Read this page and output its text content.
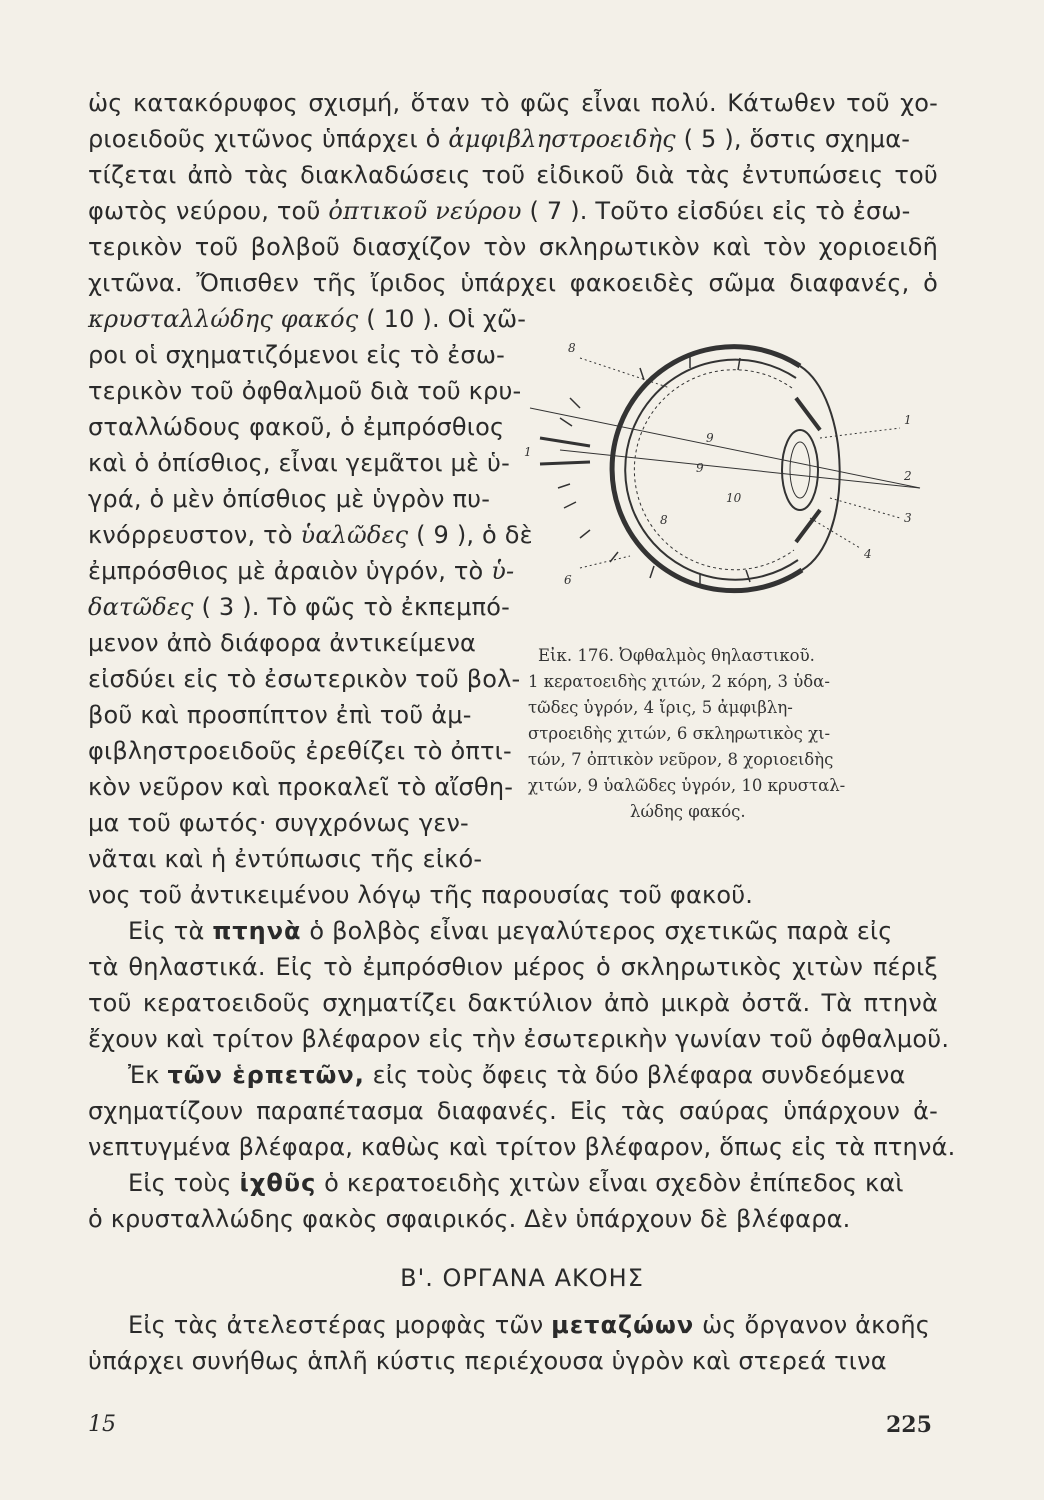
ὡς κατακόρυφος σχισμή, ὅταν τὸ φῶς εἶναι πολύ. Κάτωθεν τοῦ χο-
ριοειδοῦς χιτῶνος ὑπάρχει ὁ ἀμφιβληστροειδὴς ( 5 ), ὅστις σχημα-
τίζεται ἀπὸ τὰς διακλαδώσεις τοῦ εἰδικοῦ διὰ τὰς ἐντυπώσεις τοῦ
φωτὸς νεύρου, τοῦ ὀπτικοῦ νεύρου ( 7 ). Τοῦτο εἰσδύει εἰς τὸ ἐσω-
τερικὸν τοῦ βολβοῦ διασχίζον τὸν σκληρωτικὸν καὶ τὸν χοριοειδῆ
χιτῶνα. Ὄπισθεν τῆς ἴριδος ὑπάρχει φακοειδὲς σῶμα διαφανές, ὁ
κρυσταλλώδης φακός ( 10 ). Οἱ χῶ-
ροι οἱ σχηματιζόμενοι εἰς τὸ ἐσω-
τερικὸν τοῦ ὀφθαλμοῦ διὰ τοῦ κρυ-
σταλλώδους φακοῦ, ὁ ἐμπρόσθιος
καὶ ὁ ὀπίσθιος, εἶναι γεμᾶτοι μὲ ὑ-
γρά, ὁ μὲν ὀπίσθιος μὲ ὑγρὸν πυ-
κνόρρευστον, τὸ ὑαλῶδες ( 9 ), ὁ δὲ
ἐμπρόσθιος μὲ ἀραιὸν ὑγρόν, τὸ ὑ-
δατῶδες ( 3 ). Τὸ φῶς τὸ ἐκπεμπό-
μενον ἀπὸ διάφορα ἀντικείμενα
εἰσδύει εἰς τὸ ἐσωτερικὸν τοῦ βολ-
βοῦ καὶ προσπίπτον ἐπὶ τοῦ ἀμ-
φιβληστροειδοῦς ἐρεθίζει τὸ ὀπτι-
κὸν νεῦρον καὶ προκαλεῖ τὸ αἴσθη-
μα τοῦ φωτός· συγχρόνως γεν-
νᾶται καὶ ἡ ἐντύπωσις τῆς εἰκό-
8
1
9
9
10
8
6
1
2
3
4
Εἰκ. 176. Ὀφθαλμὸς θηλαστικοῦ.
1 κερατοειδὴς χιτών, 2 κόρη, 3 ὑδα-
τῶδες ὑγρόν, 4 ἴρις, 5 ἀμφιβλη-
στροειδὴς χιτών, 6 σκληρωτικὸς χι-
τών, 7 ὀπτικὸν νεῦρον, 8 χοριοειδὴς
χιτών, 9 ὑαλῶδες ὑγρόν, 10 κρυσταλ-
λώδης φακός.
νος τοῦ ἀντικειμένου λόγῳ τῆς παρουσίας τοῦ φακοῦ.
Εἰς τὰ πτηνὰ ὁ βολβὸς εἶναι μεγαλύτερος σχετικῶς παρὰ εἰς
τὰ θηλαστικά. Εἰς τὸ ἐμπρόσθιον μέρος ὁ σκληρωτικὸς χιτὼν πέριξ
τοῦ κερατοειδοῦς σχηματίζει δακτύλιον ἀπὸ μικρὰ ὀστᾶ. Τὰ πτηνὰ
ἔχουν καὶ τρίτον βλέφαρον εἰς τὴν ἐσωτερικὴν γωνίαν τοῦ ὀφθαλμοῦ.
Ἐκ τῶν ἑρπετῶν, εἰς τοὺς ὄφεις τὰ δύο βλέφαρα συνδεόμενα
σχηματίζουν παραπέτασμα διαφανές. Εἰς τὰς σαύρας ὑπάρχουν ἀ-
νεπτυγμένα βλέφαρα, καθὼς καὶ τρίτον βλέφαρον, ὅπως εἰς τὰ πτηνά.
Εἰς τοὺς ἰχθῦς ὁ κερατοειδὴς χιτὼν εἶναι σχεδὸν ἐπίπεδος καὶ
ὁ κρυσταλλώδης φακὸς σφαιρικός. Δὲν ὑπάρχουν δὲ βλέφαρα.
Β'. ΟΡΓΑΝΑ ΑΚΟΗΣ
Εἰς τὰς ἀτελεστέρας μορφὰς τῶν μεταζώων ὡς ὄργανον ἀκοῆς
ὑπάρχει συνήθως ἁπλῆ κύστις περιέχουσα ὑγρὸν καὶ στερεά τινα
15	225
